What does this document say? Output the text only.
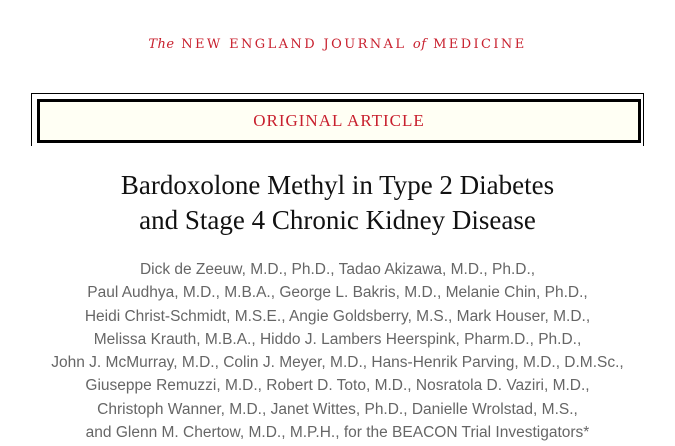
The NEW ENGLAND JOURNAL of MEDICINE
ORIGINAL ARTICLE
Bardoxolone Methyl in Type 2 Diabetes
and Stage 4 Chronic Kidney Disease
Dick de Zeeuw, M.D., Ph.D., Tadao Akizawa, M.D., Ph.D.,
Paul Audhya, M.D., M.B.A., George L. Bakris, M.D., Melanie Chin, Ph.D.,
Heidi Christ-Schmidt, M.S.E., Angie Goldsberry, M.S., Mark Houser, M.D.,
Melissa Krauth, M.B.A., Hiddo J. Lambers Heerspink, Pharm.D., Ph.D.,
John J. McMurray, M.D., Colin J. Meyer, M.D., Hans-Henrik Parving, M.D., D.M.Sc.,
Giuseppe Remuzzi, M.D., Robert D. Toto, M.D., Nosratola D. Vaziri, M.D.,
Christoph Wanner, M.D., Janet Wittes, Ph.D., Danielle Wrolstad, M.S.,
and Glenn M. Chertow, M.D., M.P.H., for the BEACON Trial Investigators*
